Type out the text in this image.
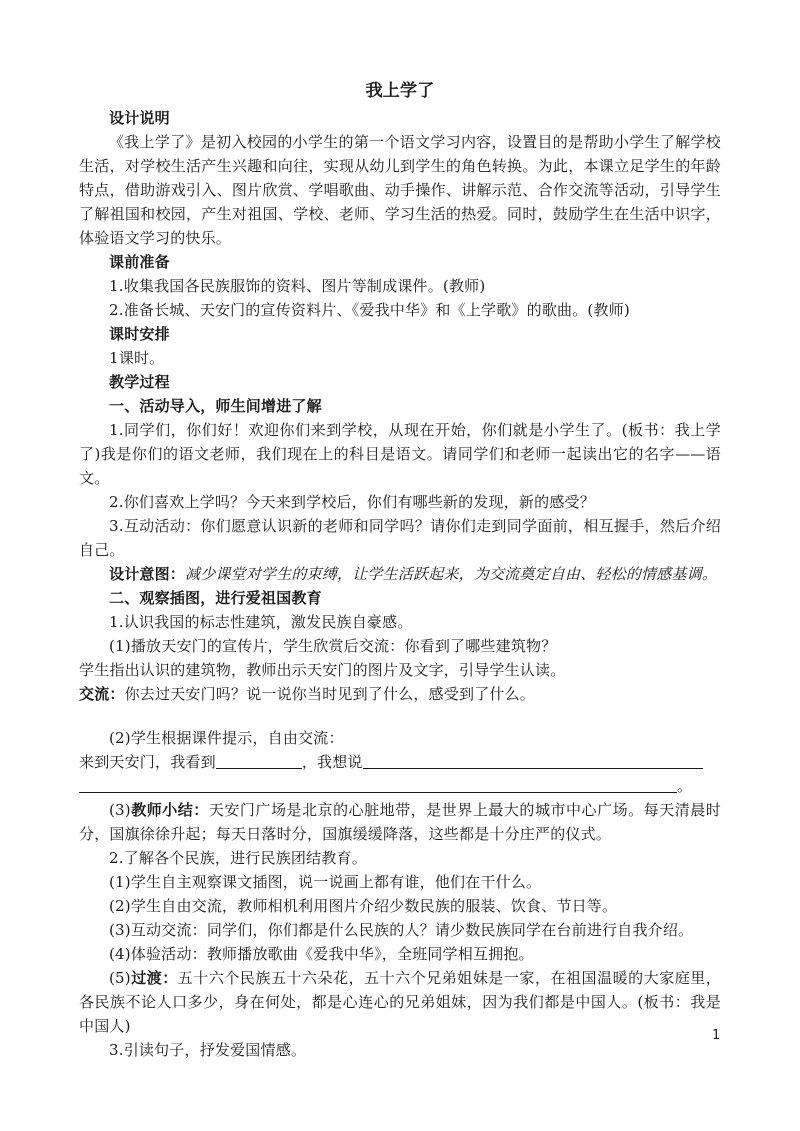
我上学了
设计说明
《我上学了》是初入校园的小学生的第一个语文学习内容，设置目的是帮助小学生了解学校生活，对学校生活产生兴趣和向往，实现从幼儿到学生的角色转换。为此，本课立足学生的年龄特点，借助游戏引入、图片欣赏、学唱歌曲、动手操作、讲解示范、合作交流等活动，引导学生了解祖国和校园，产生对祖国、学校、老师、学习生活的热爱。同时，鼓励学生在生活中识字，体验语文学习的快乐。
课前准备
1.收集我国各民族服饰的资料、图片等制成课件。(教师)
2.准备长城、天安门的宣传资料片、《爱我中华》和《上学歌》的歌曲。(教师)
课时安排
1课时。
教学过程
一、活动导入，师生间增进了解
1.同学们，你们好！欢迎你们来到学校，从现在开始，你们就是小学生了。(板书：我上学了)我是你们的语文老师，我们现在上的科目是语文。请同学们和老师一起读出它的名字——语文。
2.你们喜欢上学吗？今天来到学校后，你们有哪些新的发现，新的感受？
3.互动活动：你们愿意认识新的老师和同学吗？请你们走到同学面前，相互握手，然后介绍自己。
设计意图：减少课堂对学生的束缚，让学生活跃起来，为交流奠定自由、轻松的情感基调。
二、观察插图，进行爱祖国教育
1.认识我国的标志性建筑，激发民族自豪感。
(1)播放天安门的宣传片，学生欣赏后交流：你看到了哪些建筑物？
学生指出认识的建筑物，教师出示天安门的图片及文字，引导学生认读。
交流：你去过天安门吗？说一说你当时见到了什么，感受到了什么。
(2)学生根据课件提示，自由交流：
来到天安门，我看到	，我想说
。
(3)教师小结：天安门广场是北京的心脏地带，是世界上最大的城市中心广场。每天清晨时分，国旗徐徐升起；每天日落时分，国旗缓缓降落，这些都是十分庄严的仪式。
2.了解各个民族，进行民族团结教育。
(1)学生自主观察课文插图，说一说画上都有谁，他们在干什么。
(2)学生自由交流，教师相机利用图片介绍少数民族的服装、饮食、节日等。
(3)互动交流：同学们，你们都是什么民族的人？请少数民族同学在台前进行自我介绍。
(4)体验活动：教师播放歌曲《爱我中华》，全班同学相互拥抱。
(5)过渡：五十六个民族五十六朵花，五十六个兄弟姐妹是一家，在祖国温暖的大家庭里，各民族不论人口多少，身在何处，都是心连心的兄弟姐妹，因为我们都是中国人。(板书：我是中国人)
3.引读句子，抒发爱国情感。
1
